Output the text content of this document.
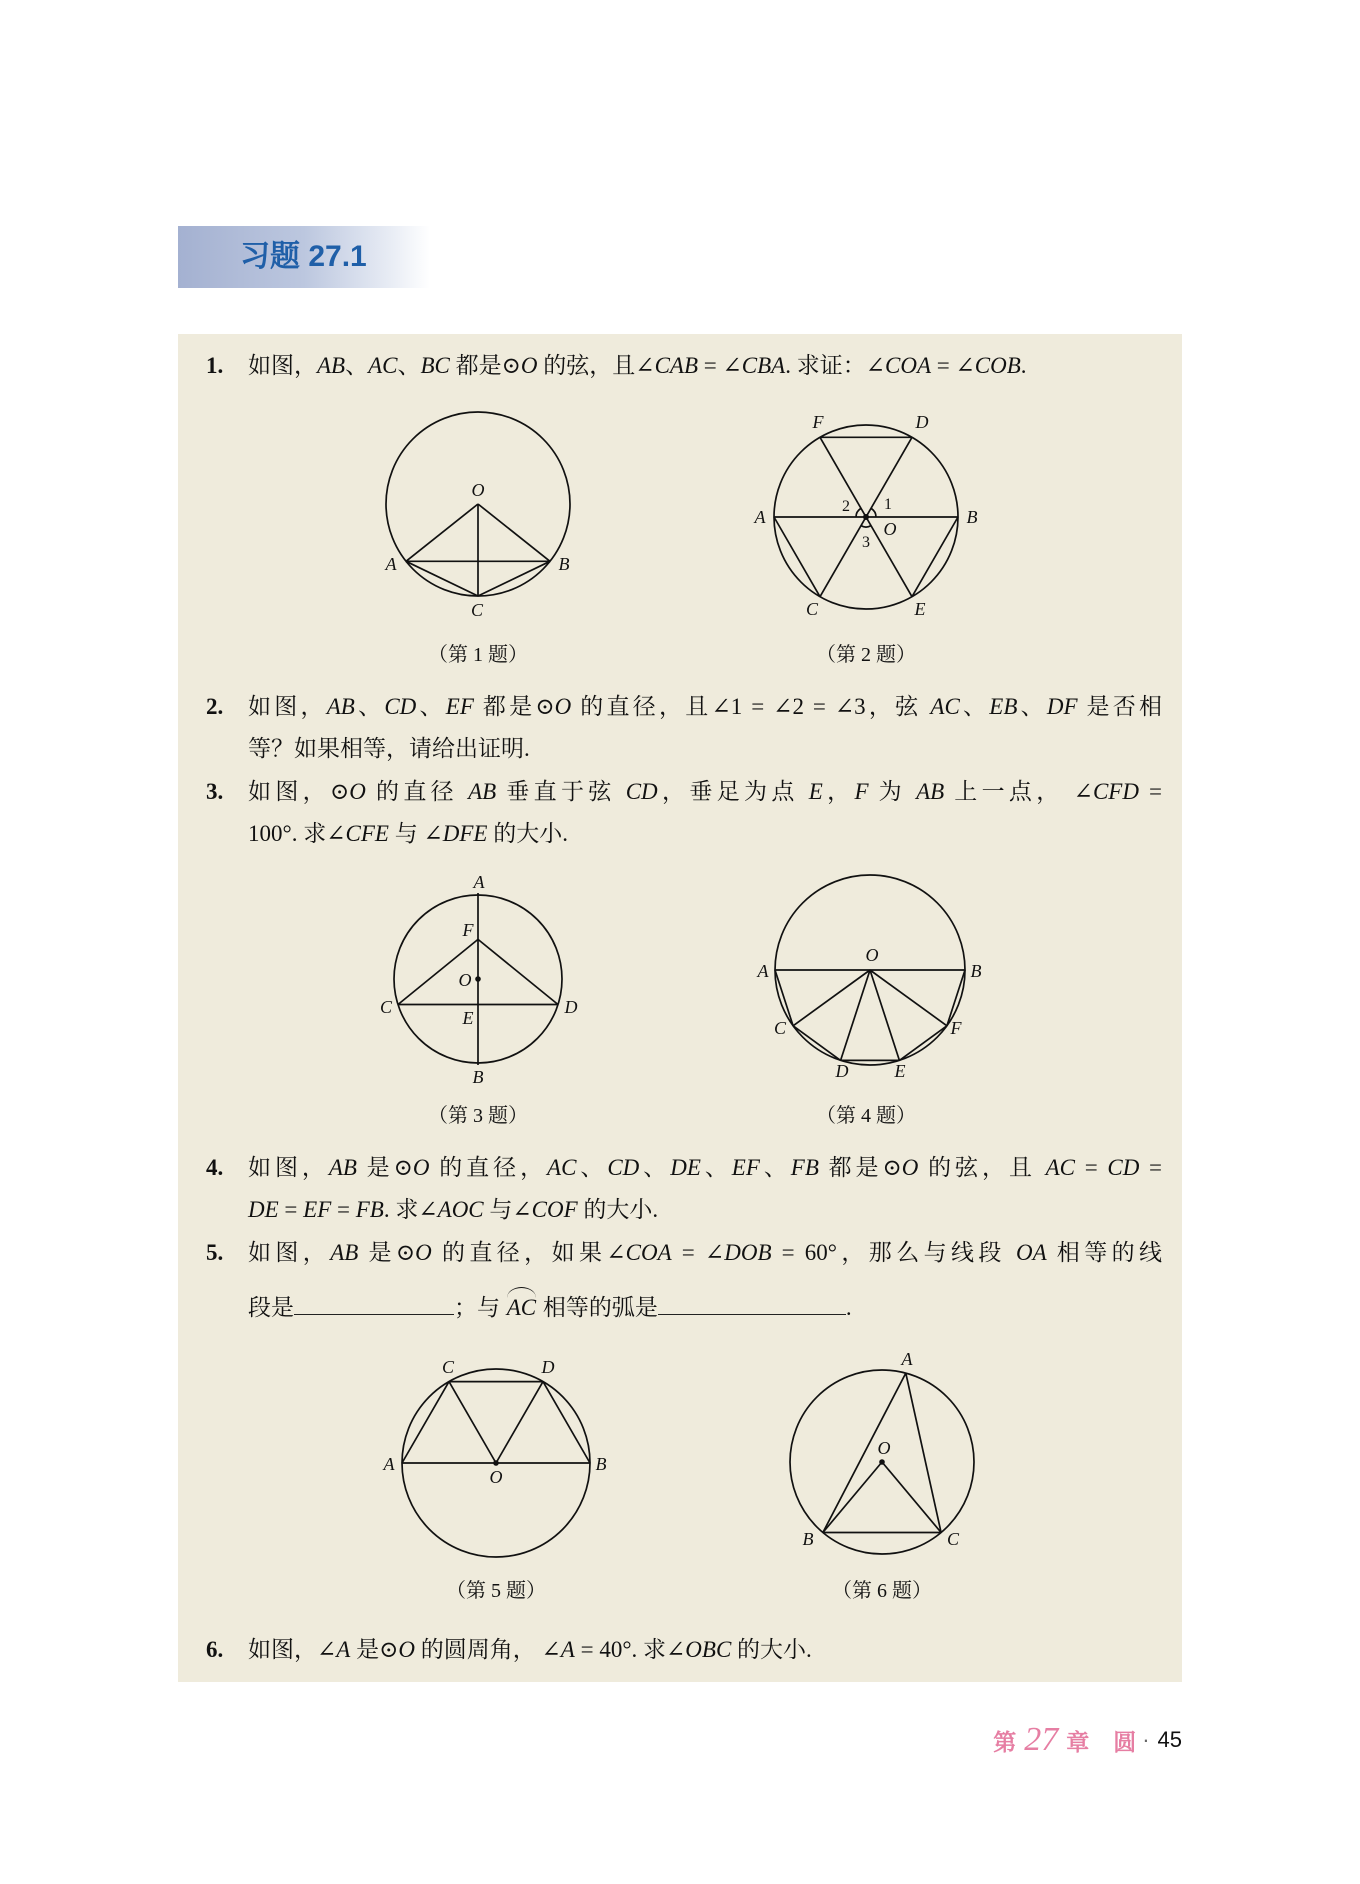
习题 27.1
1.	如图，AB、AC、BC 都是⊙O 的弦，且∠CAB = ∠CBA. 求证：∠COA = ∠COB.
O
A	B
C
F	D
A	B
C	E
O
1
2
3
（第 1 题）	（第 2 题）
2.	如图，AB、CD、EF 都是⊙O 的直径，且∠1 = ∠2 = ∠3，弦 AC、EB、DF 是否相
等？如果相等，请给出证明.
3.	如图，⊙O 的直径 AB 垂直于弦 CD，垂足为点 E，F 为 AB 上一点， ∠CFD =
100°. 求∠CFE 与 ∠DFE 的大小.
A
F
O
C	D
E
B
O
A	B
C
D	E
F
（第 3 题）	（第 4 题）
4.	如图，AB 是⊙O 的直径，AC、CD、DE、EF、FB 都是⊙O 的弦，且 AC = CD =
DE = EF = FB. 求∠AOC 与∠COF 的大小.
5.	如图，AB 是⊙O 的直径，如果∠COA = ∠DOB = 60°，那么与线段 OA 相等的线
段是	；与 AC 相等的弧是	.
C	D
A	B
O
A
O
B	C
（第 5 题）	（第 6 题）
6.	如图，∠A 是⊙O 的圆周角， ∠A = 40°. 求∠OBC 的大小.
第 27 章 圆 · 45
